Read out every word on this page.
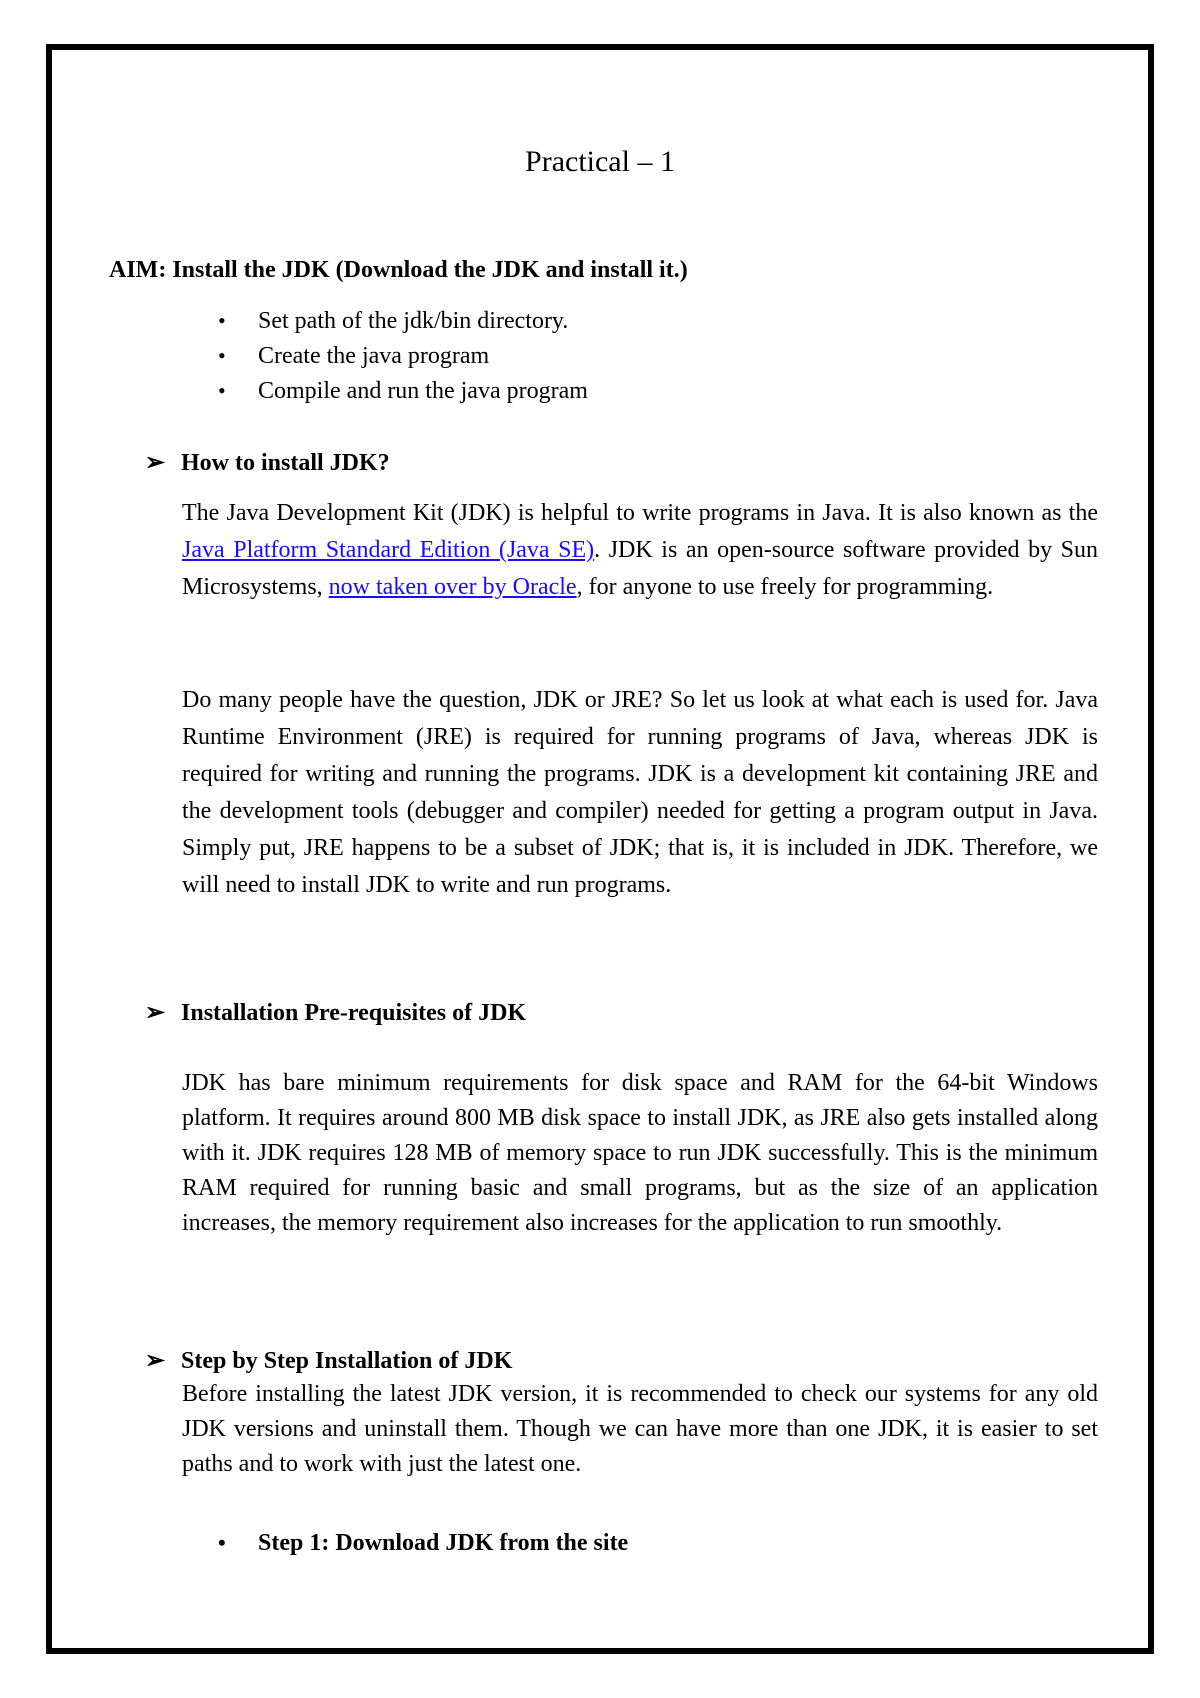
Practical – 1
AIM: Install the JDK (Download the JDK and install it.)
•	Set path of the jdk/bin directory.
•	Create the java program
•	Compile and run the java program
➢ How to install JDK?
The Java Development Kit (JDK) is helpful to write programs in Java. It is also known as the Java Platform Standard Edition (Java SE). JDK is an open-source software provided by Sun Microsystems, now taken over by Oracle, for anyone to use freely for programming.
Do many people have the question, JDK or JRE? So let us look at what each is used for. Java Runtime Environment (JRE) is required for running programs of Java, whereas JDK is required for writing and running the programs. JDK is a development kit containing JRE and the development tools (debugger and compiler) needed for getting a program output in Java. Simply put, JRE happens to be a subset of JDK; that is, it is included in JDK. Therefore, we will need to install JDK to write and run programs.
➢ Installation Pre-requisites of JDK
JDK has bare minimum requirements for disk space and RAM for the 64-bit Windows platform. It requires around 800 MB disk space to install JDK, as JRE also gets installed along with it. JDK requires 128 MB of memory space to run JDK successfully. This is the minimum RAM required for running basic and small programs, but as the size of an application increases, the memory requirement also increases for the application to run smoothly.
➢ Step by Step Installation of JDK
Before installing the latest JDK version, it is recommended to check our systems for any old JDK versions and uninstall them. Though we can have more than one JDK, it is easier to set paths and to work with just the latest one.
•	Step 1: Download JDK from the site
